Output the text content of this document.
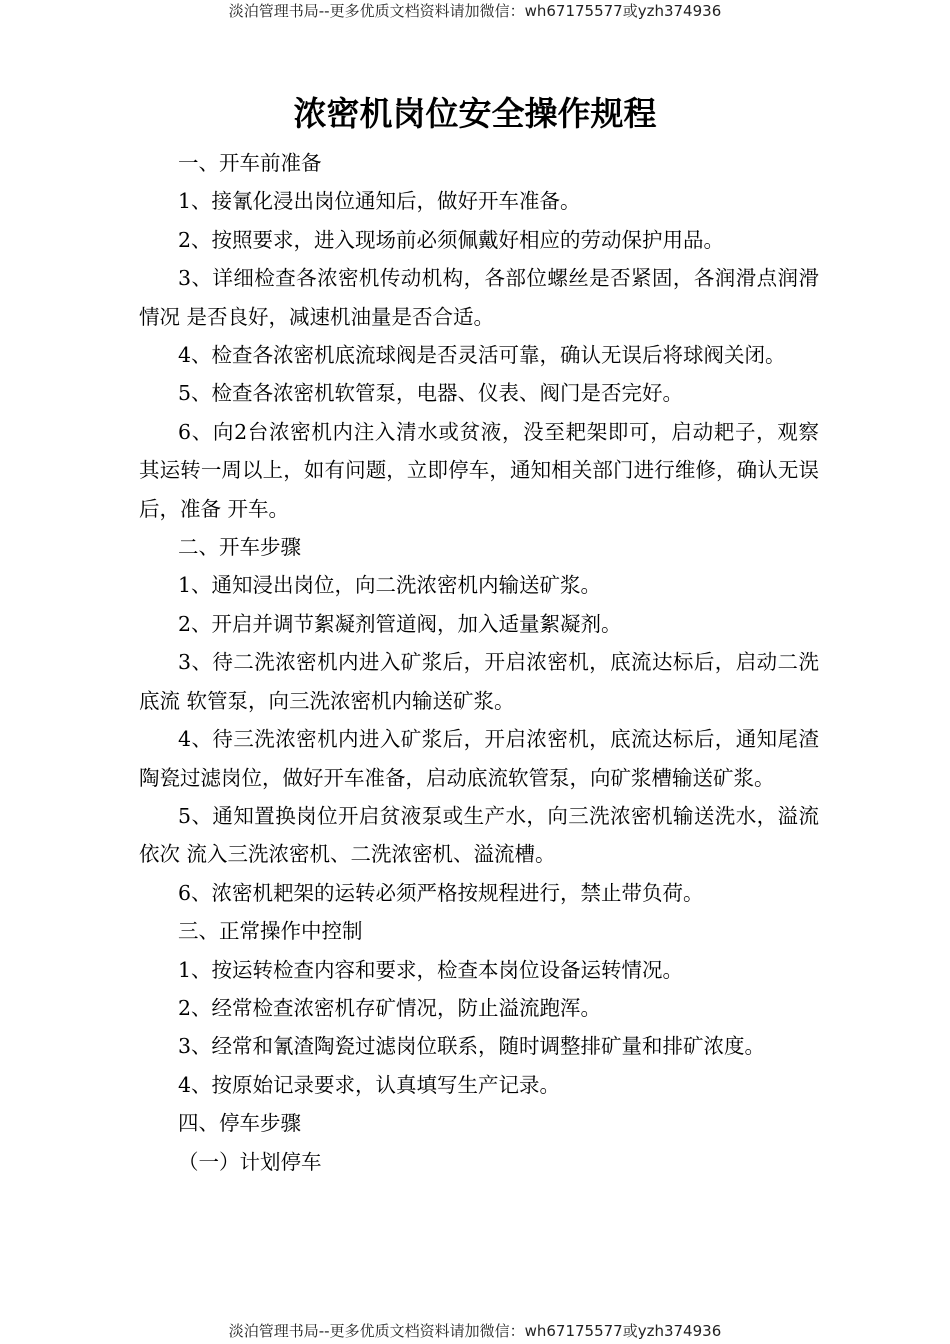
淡泊管理书局--更多优质文档资料请加微信：wh67175577或yzh374936
浓密机岗位安全操作规程

一、开车前准备

1、接氰化浸出岗位通知后，做好开车准备。

2、按照要求，进入现场前必须佩戴好相应的劳动保护用品。

3、详细检查各浓密机传动机构，各部位螺丝是否紧固，各润滑点润滑情况 是否良好，减速机油量是否合适。

4、检查各浓密机底流球阀是否灵活可靠，确认无误后将球阀关闭。

5、检查各浓密机软管泵，电器、仪表、阀门是否完好。

6、向2台浓密机内注入清水或贫液，没至耙架即可，启动耙子，观察其运转一周以上，如有问题，立即停车，通知相关部门进行维修，确认无误后，准备 开车。

二、开车步骤

1、通知浸出岗位，向二洗浓密机内输送矿浆。

2、开启并调节絮凝剂管道阀，加入适量絮凝剂。

3、待二洗浓密机内进入矿浆后，开启浓密机，底流达标后，启动二洗底流 软管泵，向三洗浓密机内输送矿浆。

4、待三洗浓密机内进入矿浆后，开启浓密机，底流达标后，通知尾渣陶瓷过滤岗位，做好开车准备，启动底流软管泵，向矿浆槽输送矿浆。

5、通知置换岗位开启贫液泵或生产水，向三洗浓密机输送洗水，溢流依次 流入三洗浓密机、二洗浓密机、溢流槽。

6、浓密机耙架的运转必须严格按规程进行，禁止带负荷。

三、正常操作中控制

1、按运转检查内容和要求，检查本岗位设备运转情况。

2、经常检查浓密机存矿情况，防止溢流跑浑。

3、经常和氰渣陶瓷过滤岗位联系，随时调整排矿量和排矿浓度。

4、按原始记录要求，认真填写生产记录。

四、停车步骤

（一）计划停车

淡泊管理书局--更多优质文档资料请加微信：wh67175577或yzh374936
